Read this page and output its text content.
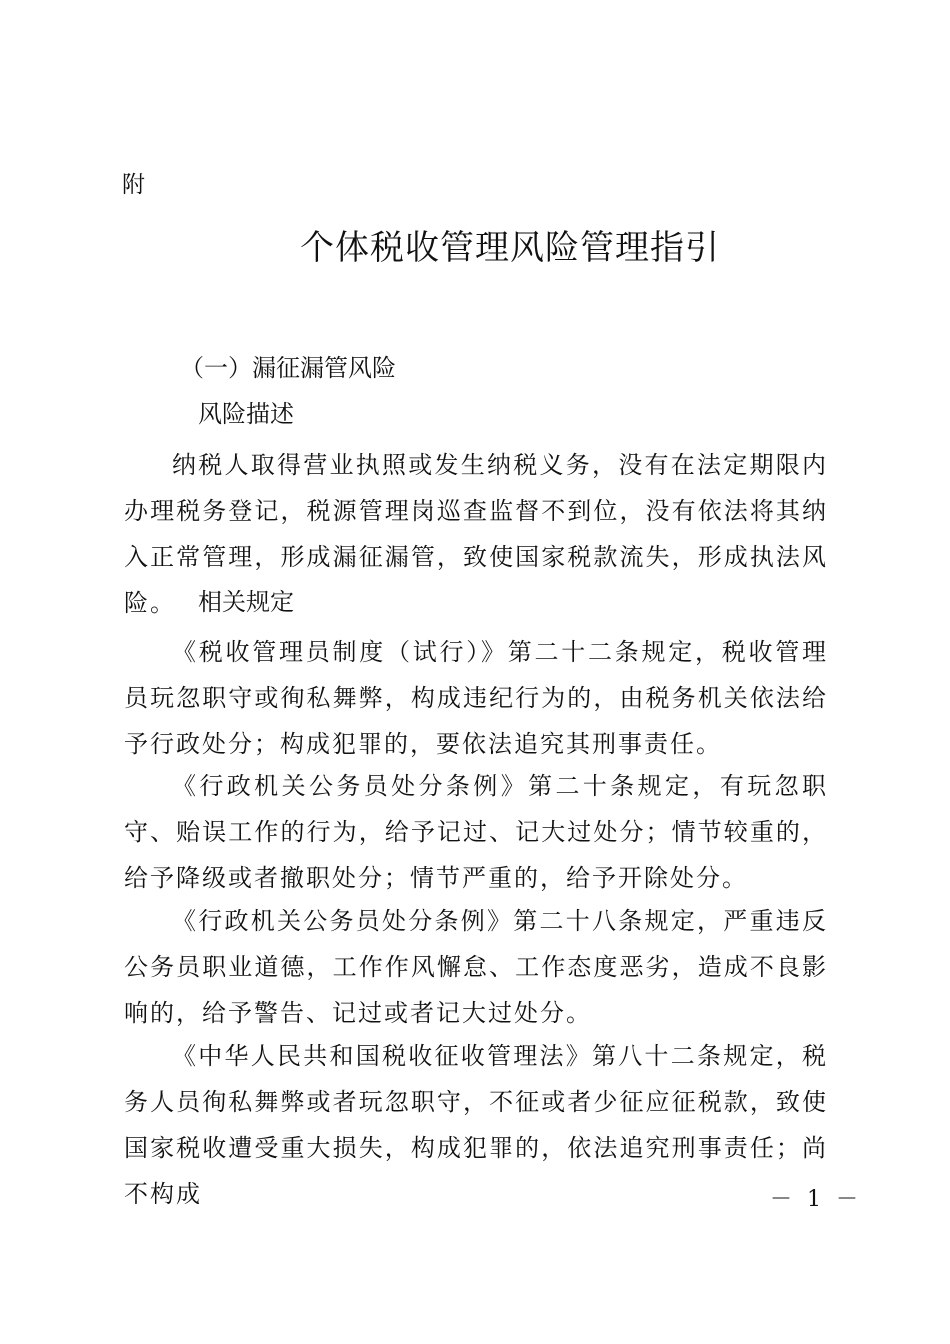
附
个体税收管理风险管理指引
（一）漏征漏管风险
风险描述
纳税人取得营业执照或发生纳税义务，没有在法定期限内办理税务登记，税源管理岗巡查监督不到位，没有依法将其纳入正常管理，形成漏征漏管，致使国家税款流失，形成执法风险。 相关规定
《税收管理员制度（试行）》第二十二条规定，税收管理员玩忽职守或徇私舞弊，构成违纪行为的，由税务机关依法给予行政处分；构成犯罪的，要依法追究其刑事责任。
《行政机关公务员处分条例》第二十条规定，有玩忽职守、贻误工作的行为，给予记过、记大过处分；情节较重的，给予降级或者撤职处分；情节严重的，给予开除处分。
《行政机关公务员处分条例》第二十八条规定，严重违反公务员职业道德，工作作风懈怠、工作态度恶劣，造成不良影响的，给予警告、记过或者记大过处分。
《中华人民共和国税收征收管理法》第八十二条规定，税务人员徇私舞弊或者玩忽职守，不征或者少征应征税款，致使国家税收遭受重大损失，构成犯罪的，依法追究刑事责任；尚不构成	－ 1 －
